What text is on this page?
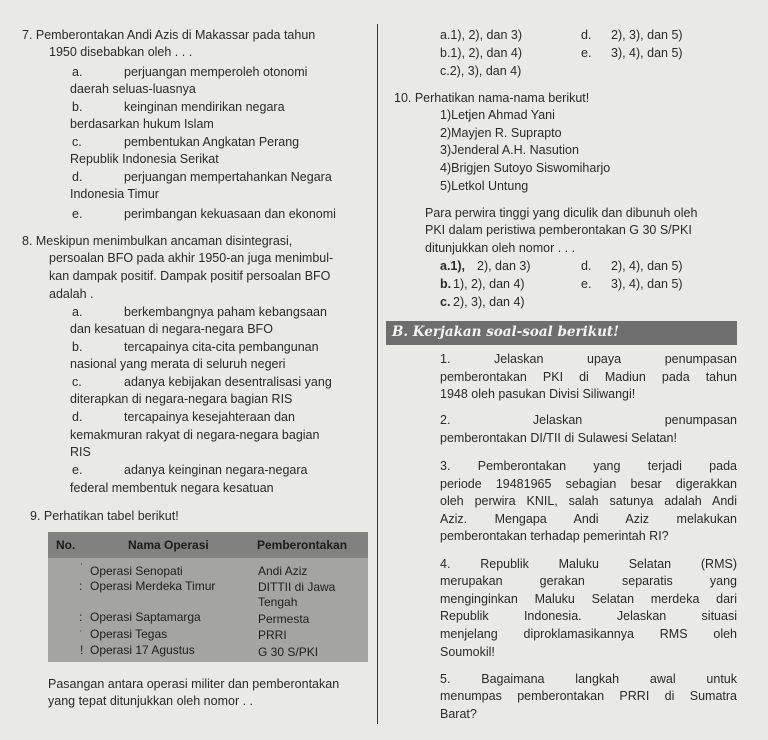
7. Pemberontakan Andi Azis di Makassar pada tahun
1950 disebabkan oleh . . .
a.	perjuangan memperoleh otonomi
daerah seluas-luasnya
b.	keinginan mendirikan negara
berdasarkan hukum Islam
c.	pembentukan Angkatan Perang
Republik Indonesia Serikat
d.	perjuangan mempertahankan Negara
Indonesia Timur
e.	perimbangan kekuasaan dan ekonomi
8. Meskipun menimbulkan ancaman disintegrasi,
persoalan BFO pada akhir 1950-an juga menimbul-
kan dampak positif. Dampak positif persoalan BFO
adalah .
a.	berkembangnya paham kebangsaan
dan kesatuan di negara-negara BFO
b.	tercapainya cita-cita pembangunan
nasional yang merata di seluruh negeri
c.	adanya kebijakan desentralisasi yang
diterapkan di negara-negara bagian RIS
d.	tercapainya kesejahteraan dan
kemakmuran rakyat di negara-negara bagian
RIS
e.	adanya keinginan negara-negara
federal membentuk negara kesatuan
9. Perhatikan tabel berikut!
No.	Nama Operasi	Pemberontakan
˙ Operasi Senopati	Andi Aziz
: Operasi Merdeka Timur	DITTII di Jawa
Tengah
: Operasi Saptamarga	Permesta
ˑ Operasi Tegas	PRRI
! Operasi 17 Agustus	G 30 S/PKI
Pasangan antara operasi militer dan pemberontakan
yang tepat ditunjukkan oleh nomor . .
a.1), 2), dan 3)	d. 2), 3), dan 5)
b.1), 2), dan 4)	e. 3), 4), dan 5)
c.2), 3), dan 4)
10. Perhatikan nama-nama berikut!
1)Letjen Ahmad Yani
2)Mayjen R. Suprapto
3)Jenderal A.H. Nasution
4)Brigjen Sutoyo Siswomiharjo
5)Letkol Untung
Para perwira tinggi yang diculik dan dibunuh oleh
PKI dalam peristiwa pemberontakan G 30 S/PKI
ditunjukkan oleh nomor . . .
a.1), 2), dan 3)	d. 2), 4), dan 5)
b. 1), 2), dan 4)	e. 3), 4), dan 5)
c. 2), 3), dan 4)
B. Kerjakan soal-soal berikut!
1. Jelaskan upaya penumpasan
pemberontakan PKI di Madiun pada tahun
1948 oleh pasukan Divisi Siliwangi!
2. Jelaskan penumpasan
pemberontakan DI/TII di Sulawesi Selatan!
3. Pemberontakan yang terjadi pada
periode 19481965 sebagian besar digerakkan
oleh perwira KNIL, salah satunya adalah Andi
Aziz. Mengapa Andi Aziz melakukan
pemberontakan terhadap pemerintah RI?
4. Republik Maluku Selatan (RMS)
merupakan gerakan separatis yang
menginginkan Maluku Selatan merdeka dari
Republik Indonesia. Jelaskan situasi
menjelang diproklamasikannya RMS oleh
Soumokil!
5. Bagaimana langkah awal untuk
menumpas pemberontakan PRRI di Sumatra
Barat?
